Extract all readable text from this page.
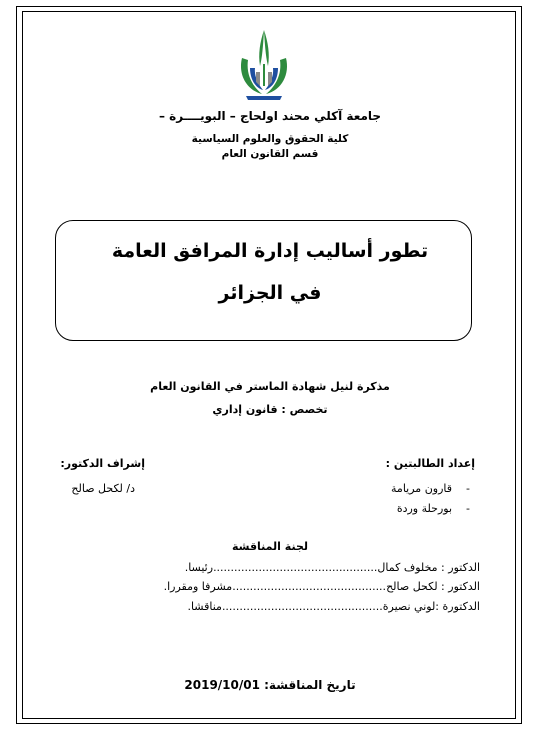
جامعة آكلي محند اولحاج – البويــــرة –
كلية الحقوق والعلوم السياسية
قسم القانون العام
تطور أساليب إدارة المرافق العامة
في الجزائر
مذكرة لنيل شهادة الماستر في القانون العام
تخصص : قانون إداري
إعداد الطالبتين :
إشراف الدكتور:
-قارون مريامة
-بورحلة وردة
د/ لكحل صالح
لجنة المناقشة
الدكتور : مخلوف كمال...............................................رئيسا.
الدكتور : لكحل صالح............................................مشرفا ومقررا.
الدكتورة :لوني نصيرة..............................................مناقشا.
تاريخ المناقشة: 2019/10/01
